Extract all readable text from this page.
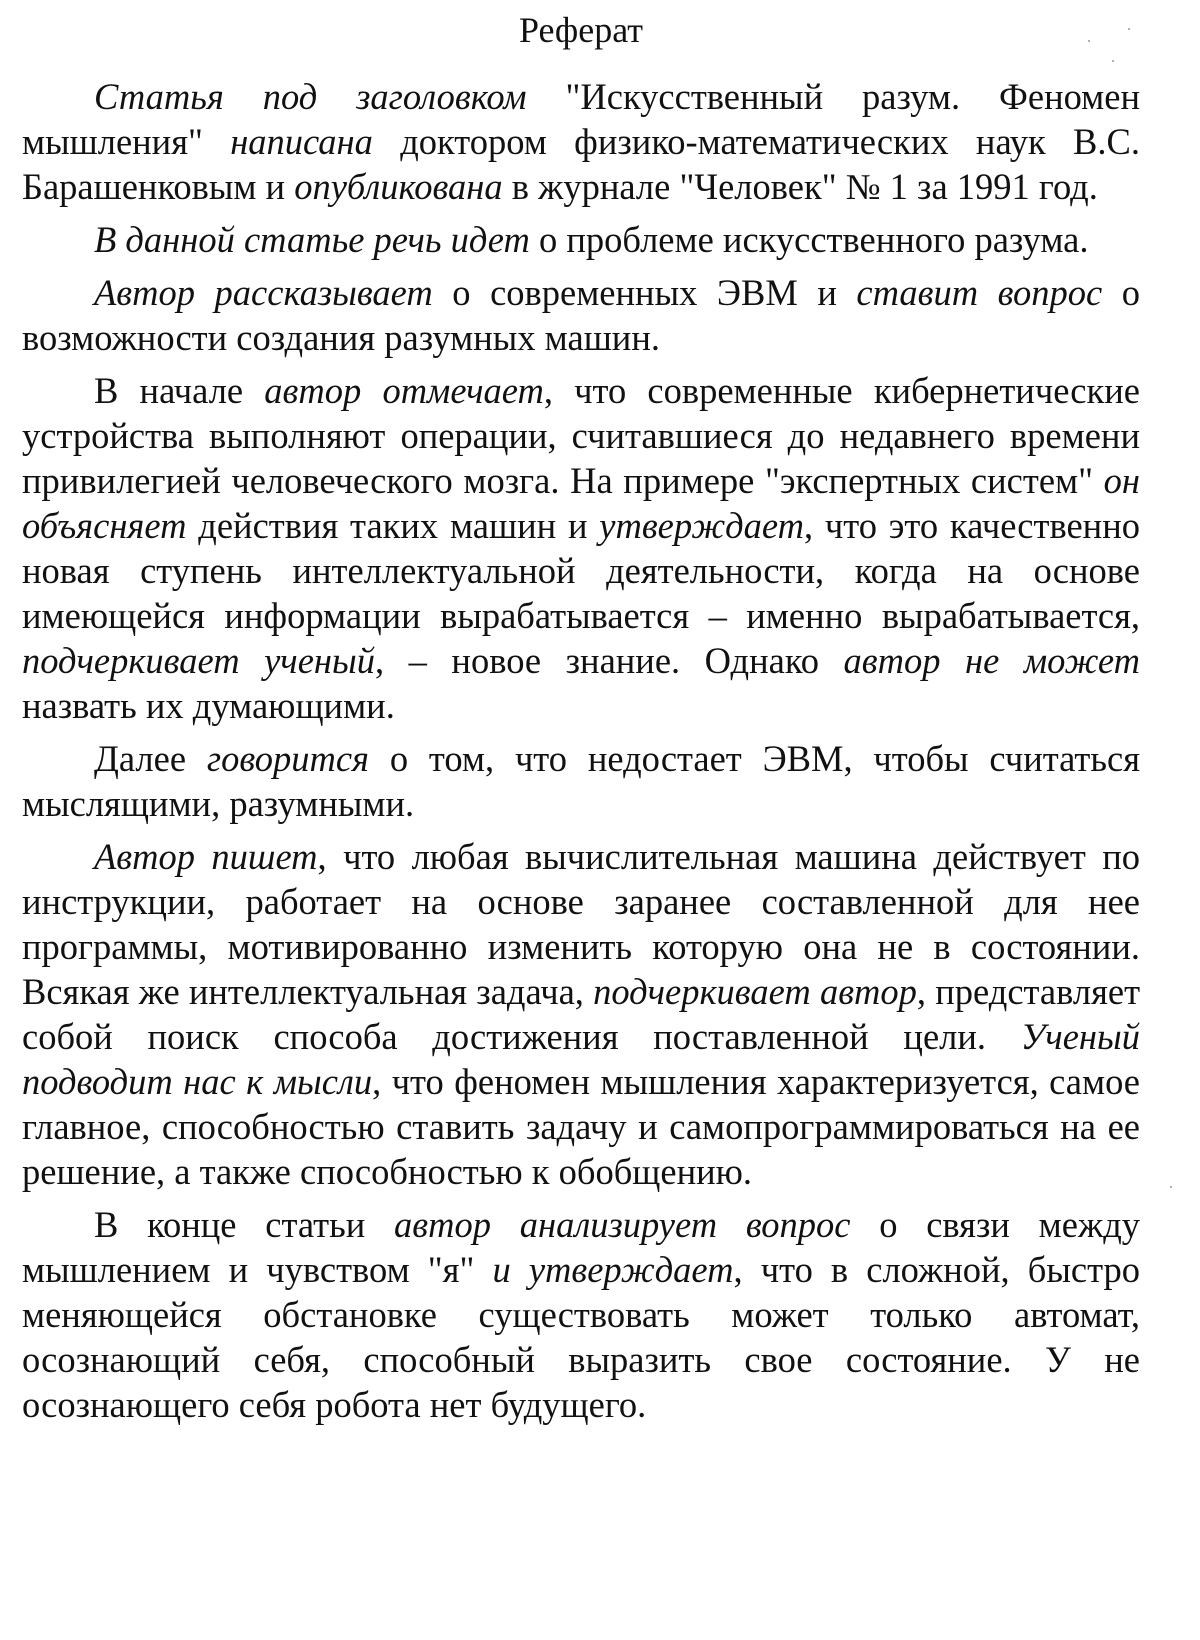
Реферат

Статья под заголовком "Искусственный разум. Феномен мышления" написана доктором физико-математических наук В.С. Барашенковым и опубликована в журнале "Человек" № 1 за 1991 год.

В данной статье речь идет о проблеме искусственного разума.

Автор рассказывает о современных ЭВМ и ставит вопрос о возможности создания разумных машин.

В начале автор отмечает, что современные кибернетические устройства выполняют операции, считавшиеся до недавнего времени привилегией человеческого мозга. На примере "экспертных систем" он объясняет действия таких машин и утверждает, что это качественно новая ступень интеллектуальной деятельности, когда на основе имеющейся информации вырабатывается – именно вырабатывается, подчеркивает ученый, – новое знание. Однако автор не может назвать их думающими.

Далее говорится о том, что недостает ЭВМ, чтобы считаться мыслящими, разумными.

Автор пишет, что любая вычислительная машина действует по инструкции, работает на основе заранее составленной для нее программы, мотивированно изменить которую она не в состоянии. Всякая же интеллектуальная задача, подчеркивает автор, представляет собой поиск способа достижения поставленной цели. Ученый подводит нас к мысли, что феномен мышления характеризуется, самое главное, способностью ставить задачу и самопрограммироваться на ее решение, а также способностью к обобщению.

В конце статьи автор анализирует вопрос о связи между мышлением и чувством "я" и утверждает, что в сложной, быстро меняющейся обстановке существовать может только автомат, осознающий себя, способный выразить свое состояние. У не осознающего себя робота нет будущего.
